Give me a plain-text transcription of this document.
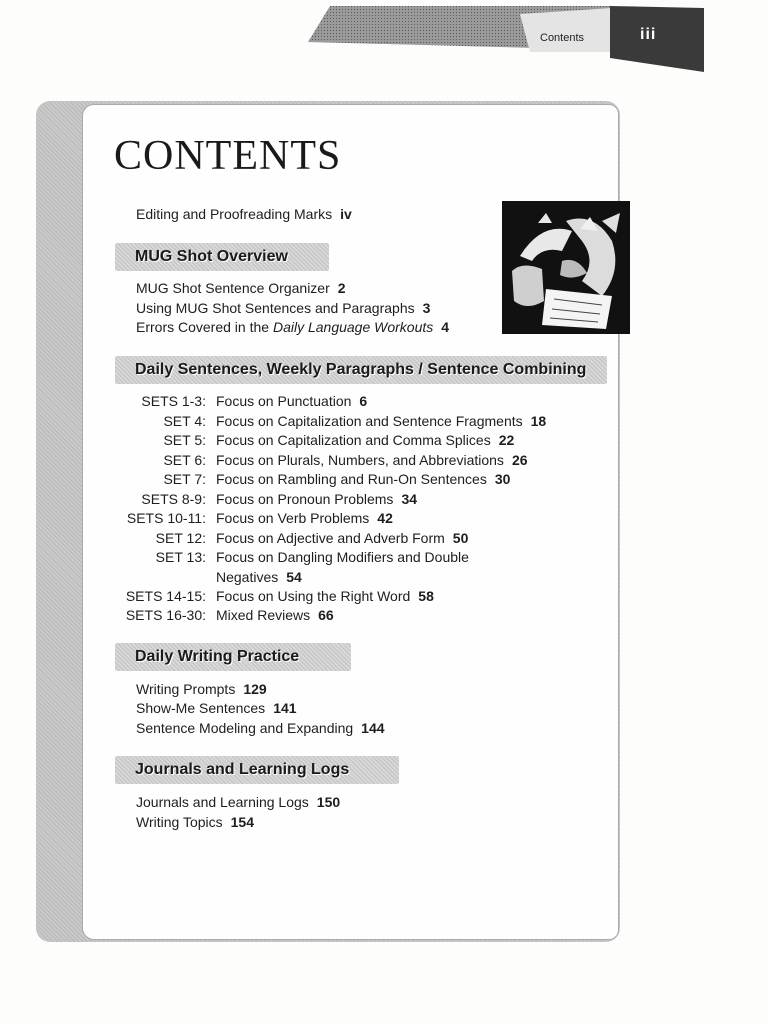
Contents	iii
CONTENTS
Editing and Proofreading Marks iv
MUG Shot Overview
MUG Shot Sentence Organizer 2
Using MUG Shot Sentences and Paragraphs 3
Errors Covered in the Daily Language Workouts 4
Daily Sentences, Weekly Paragraphs / Sentence Combining
SETS 1-3: Focus on Punctuation 6
SET 4: Focus on Capitalization and Sentence Fragments 18
SET 5: Focus on Capitalization and Comma Splices 22
SET 6: Focus on Plurals, Numbers, and Abbreviations 26
SET 7: Focus on Rambling and Run-On Sentences 30
SETS 8-9: Focus on Pronoun Problems 34
SETS 10-11: Focus on Verb Problems 42
SET 12: Focus on Adjective and Adverb Form 50
SET 13: Focus on Dangling Modifiers and Double
Negatives 54
SETS 14-15: Focus on Using the Right Word 58
SETS 16-30: Mixed Reviews 66
Daily Writing Practice
Writing Prompts 129
Show-Me Sentences 141
Sentence Modeling and Expanding 144
Journals and Learning Logs
Journals and Learning Logs 150
Writing Topics 154
